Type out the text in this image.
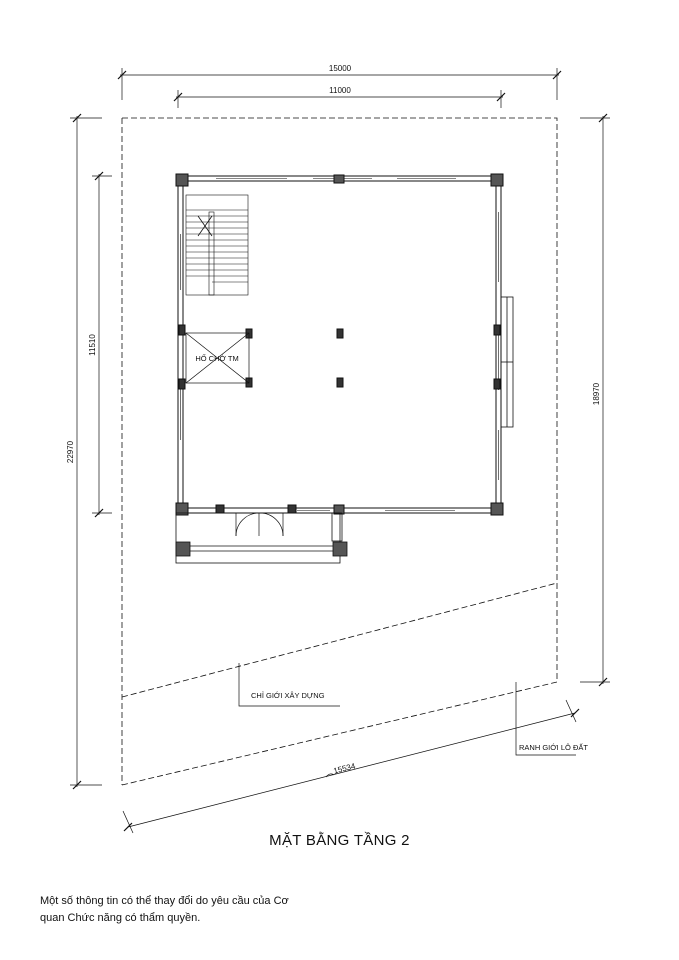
15000
11000
22970
11510
18970
15534
HỐ CHỜ TM
CHỈ GIỚI XÂY DỰNG
RANH GIỚI LÔ ĐẤT
MẶT BẰNG TẦNG 2
Một số thông tin có thể thay đổi do yêu cầu của Cơ
quan Chức năng có thẩm quyền.
